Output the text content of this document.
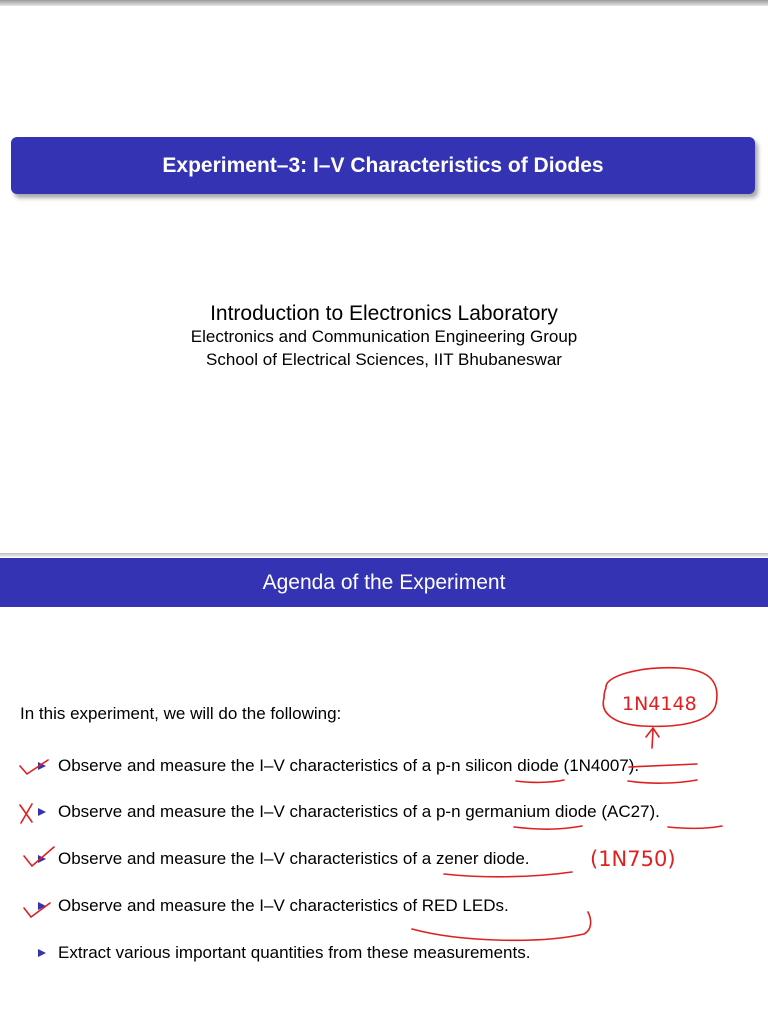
Experiment–3: I–V Characteristics of Diodes
Introduction to Electronics Laboratory
Electronics and Communication Engineering Group
School of Electrical Sciences, IIT Bhubaneswar
Agenda of the Experiment
In this experiment, we will do the following:
Observe and measure the I–V characteristics of a p-n silicon diode (1N4007).
Observe and measure the I–V characteristics of a p-n germanium diode (AC27).
Observe and measure the I–V characteristics of a zener diode.
Observe and measure the I–V characteristics of RED LEDs.
Extract various important quantities from these measurements.
1N4148
(1N750)
